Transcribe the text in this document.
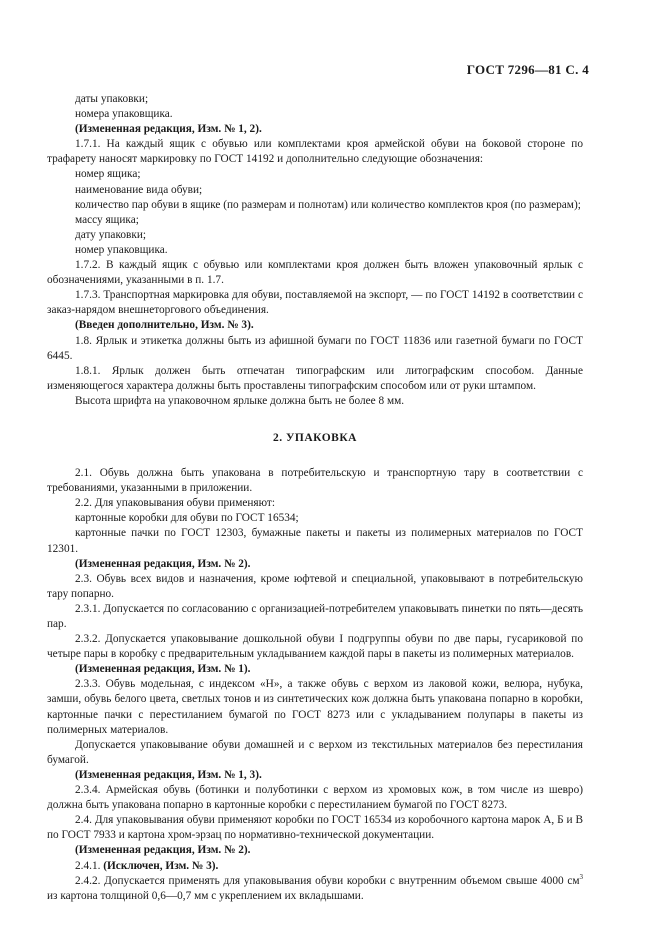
ГОСТ 7296—81 С. 4

даты упаковки;

номера упаковщика.

(Измененная редакция, Изм. № 1, 2).

1.7.1. На каждый ящик с обувью или комплектами кроя армейской обуви на боковой стороне по трафарету наносят маркировку по ГОСТ 14192 и дополнительно следующие обозначения:

номер ящика;

наименование вида обуви;

количество пар обуви в ящике (по размерам и полнотам) или количество комплектов кроя (по размерам);

массу ящика;

дату упаковки;

номер упаковщика.

1.7.2. В каждый ящик с обувью или комплектами кроя должен быть вложен упаковочный ярлык с обозначениями, указанными в п. 1.7.

1.7.3. Транспортная маркировка для обуви, поставляемой на экспорт, — по ГОСТ 14192 в соответствии с заказ-нарядом внешнеторгового объединения.

(Введен дополнительно, Изм. № 3).

1.8. Ярлык и этикетка должны быть из афишной бумаги по ГОСТ 11836 или газетной бумаги по ГОСТ 6445.

1.8.1. Ярлык должен быть отпечатан типографским или литографским способом. Данные изменяющегося характера должны быть проставлены типографским способом или от руки штампом.

Высота шрифта на упаковочном ярлыке должна быть не более 8 мм.

2. УПАКОВКА

2.1. Обувь должна быть упакована в потребительскую и транспортную тару в соответствии с требованиями, указанными в приложении.

2.2. Для упаковывания обуви применяют:

картонные коробки для обуви по ГОСТ 16534;

картонные пачки по ГОСТ 12303, бумажные пакеты и пакеты из полимерных материалов по ГОСТ 12301.

(Измененная редакция, Изм. № 2).

2.3. Обувь всех видов и назначения, кроме юфтевой и специальной, упаковывают в потребительскую тару попарно.

2.3.1. Допускается по согласованию с организацией-потребителем упаковывать пинетки по пять—десять пар.

2.3.2. Допускается упаковывание дошкольной обуви I подгруппы обуви по две пары, гусариковой по четыре пары в коробку с предварительным укладыванием каждой пары в пакеты из полимерных материалов.

(Измененная редакция, Изм. № 1).

2.3.3. Обувь модельная, с индексом «Н», а также обувь с верхом из лаковой кожи, велюра, нубука, замши, обувь белого цвета, светлых тонов и из синтетических кож должна быть упакована попарно в коробки, картонные пачки с перестиланием бумагой по ГОСТ 8273 или с укладыванием полупары в пакеты из полимерных материалов.

Допускается упаковывание обуви домашней и с верхом из текстильных материалов без перестилания бумагой.

(Измененная редакция, Изм. № 1, 3).

2.3.4. Армейская обувь (ботинки и полуботинки с верхом из хромовых кож, в том числе из шевро) должна быть упакована попарно в картонные коробки с перестиланием бумагой по ГОСТ 8273.

2.4. Для упаковывания обуви применяют коробки по ГОСТ 16534 из коробочного картона марок А, Б и В по ГОСТ 7933 и картона хром-эрзац по нормативно-технической документации.

(Измененная редакция, Изм. № 2).

2.4.1. (Исключен, Изм. № 3).

2.4.2. Допускается применять для упаковывания обуви коробки с внутренним объемом свыше 4000 $см^3$ из картона толщиной 0,6—0,7 мм с укреплением их вкладышами.
